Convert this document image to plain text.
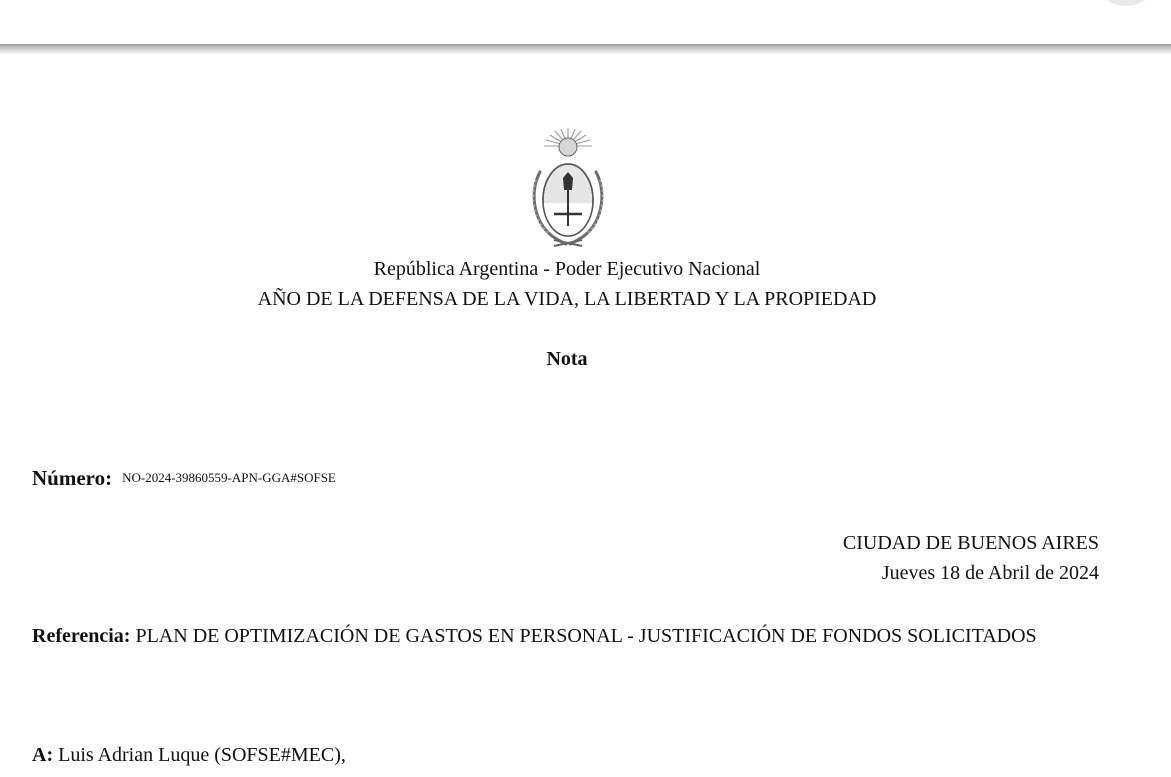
República Argentina - Poder Ejecutivo Nacional
AÑO DE LA DEFENSA DE LA VIDA, LA LIBERTAD Y LA PROPIEDAD
Nota
Número: NO-2024-39860559-APN-GGA#SOFSE
CIUDAD DE BUENOS AIRES
Jueves 18 de Abril de 2024
Referencia: PLAN DE OPTIMIZACIÓN DE GASTOS EN PERSONAL - JUSTIFICACIÓN DE FONDOS SOLICITADOS
A: Luis Adrian Luque (SOFSE#MEC),
